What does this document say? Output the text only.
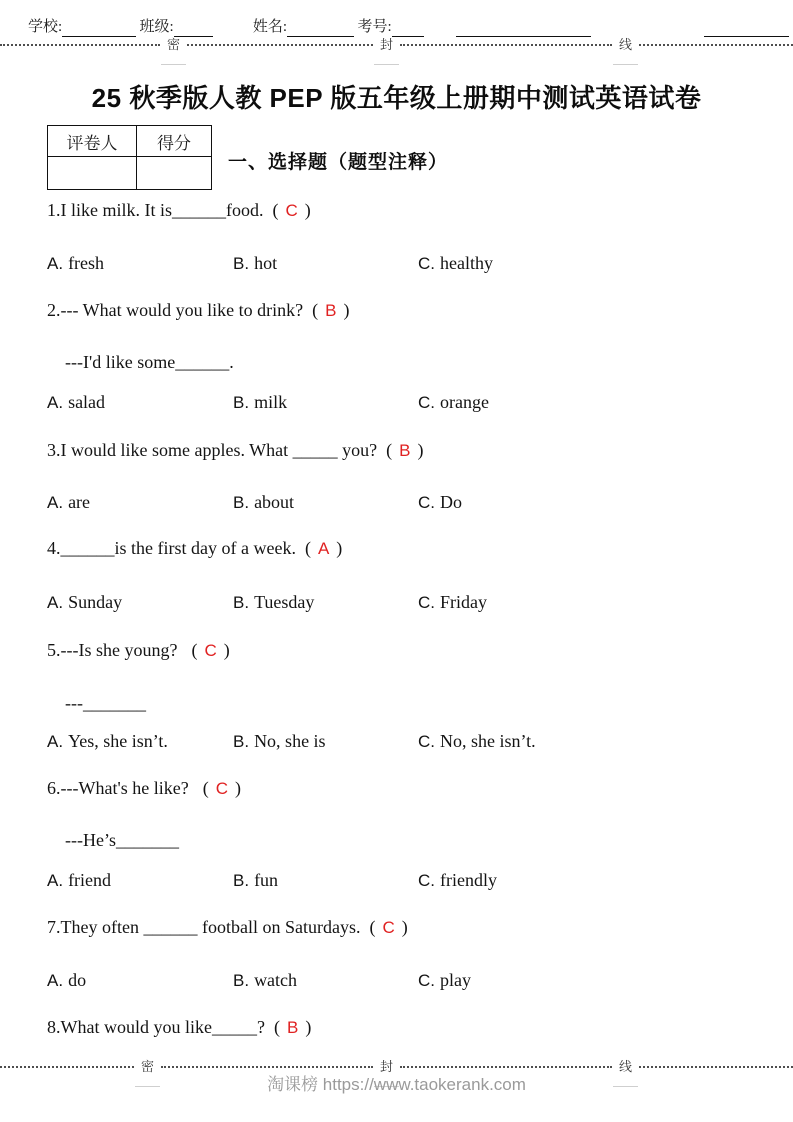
学校:	班级:	姓名:	考号:
密	封	线
25 秋季版人教 PEP 版五年级上册期中测试英语试卷
评卷人	得分

一、选择题（题型注释）
1.I like milk. It is______food. ( C )
A. fresh	B. hot	C. healthy
2.--- What would you like to drink? ( B )
---I'd like some______.
A. salad	B. milk	C. orange
3.I would like some apples. What _____ you? ( B )
A. are	B. about	C. Do
4.______is the first day of a week. ( A )
A. Sunday	B. Tuesday	C. Friday
5.---Is she young? ( C )
---_______
A. Yes, she isn’t.	B. No, she is	C. No, she isn’t.
6.---What's he like? ( C )
---He’s_______
A. friend	B. fun	C. friendly
7.They often ______ football on Saturdays. ( C )
A. do	B. watch	C. play
8.What would you like_____? ( B )
密	封	线
淘课榜 https://www.taokerank.com
